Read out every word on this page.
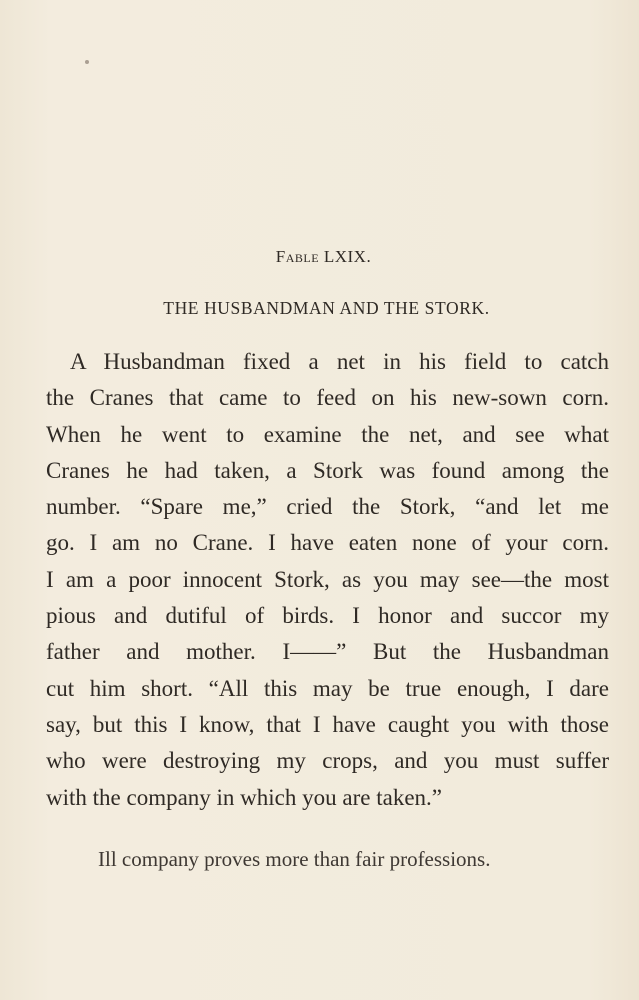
Fable LXIX.
THE HUSBANDMAN AND THE STORK.
A Husbandman fixed a net in his field to catch
the Cranes that came to feed on his new-sown corn.
When he went to examine the net, and see what
Cranes he had taken, a Stork was found among the
number. “Spare me,” cried the Stork, “and let me
go. I am no Crane. I have eaten none of your corn.
I am a poor innocent Stork, as you may see—the most
pious and dutiful of birds. I honor and succor my
father and mother. I——” But the Husbandman
cut him short. “All this may be true enough, I dare
say, but this I know, that I have caught you with those
who were destroying my crops, and you must suffer
with the company in which you are taken.”
Ill company proves more than fair professions.
